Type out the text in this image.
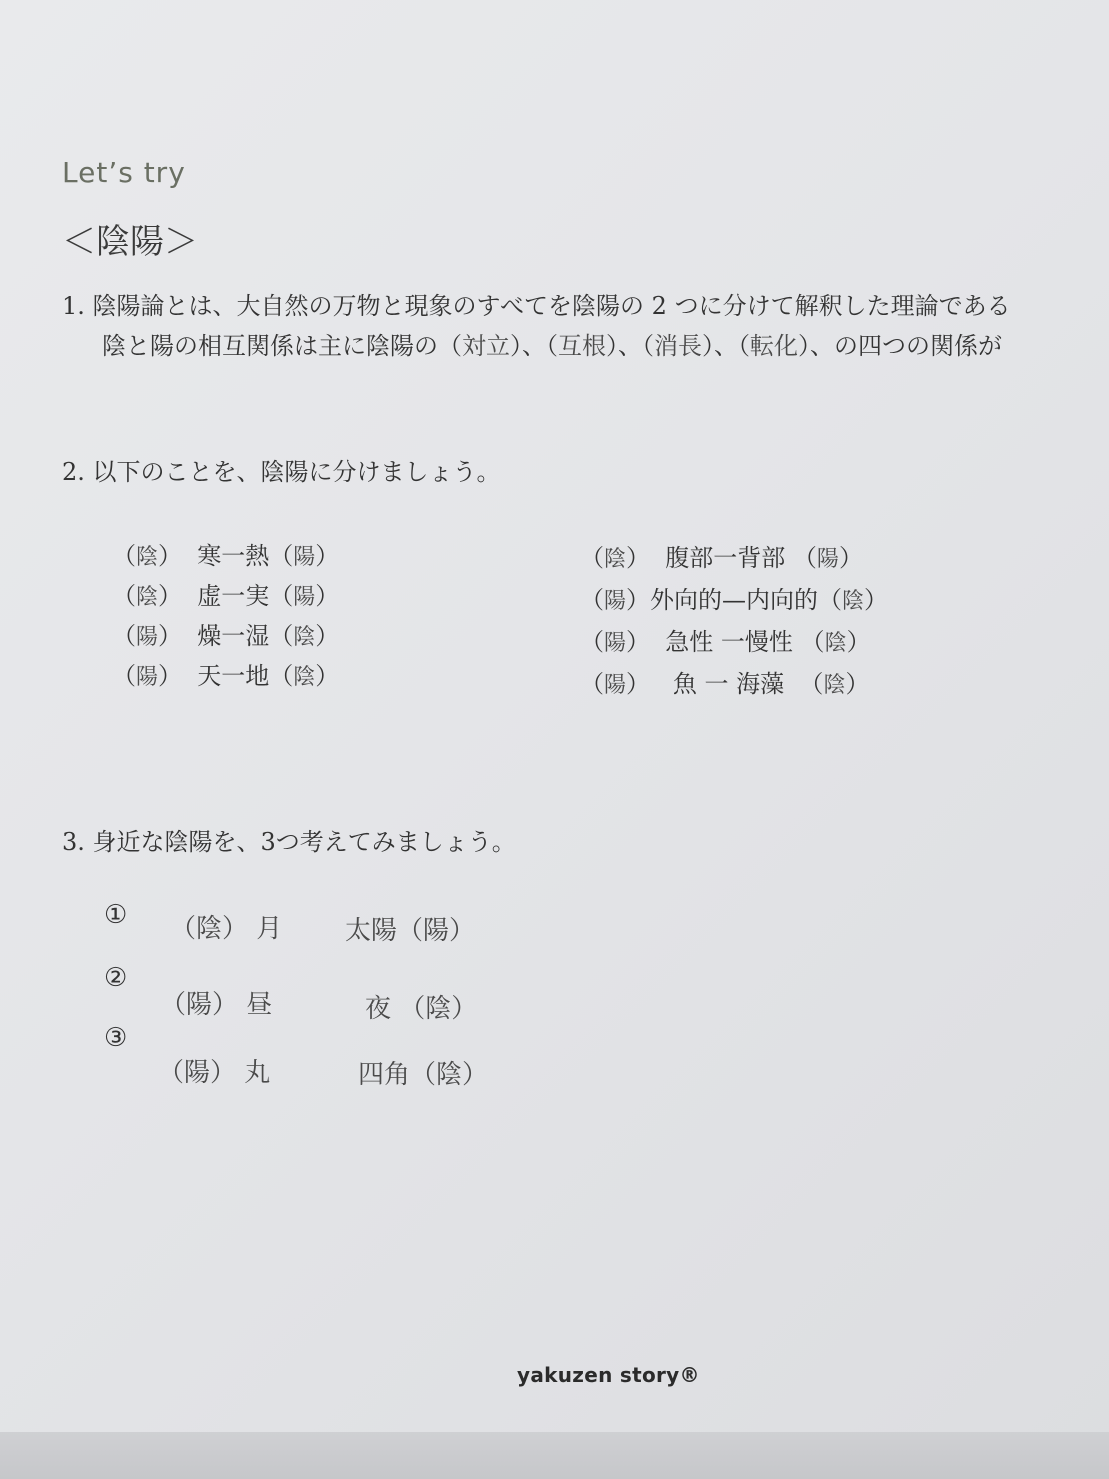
Let’s try
＜陰陽＞
1. 陰陽論とは、大自然の万物と現象のすべてを陰陽の 2 つに分けて解釈した理論である
陰と陽の相互関係は主に陰陽の（対立）、（互根）、（消長）、（転化）、の四つの関係が
2. 以下のことを、陰陽に分けましょう。
（陰）  寒一熱（陽）
（陰）  虚一実（陽）
（陽）  燥一湿（陰）
（陽）  天一地（陰）
（陰）  腹部一背部 （陽）
（陽）外向的—内向的（陰）
（陽）  急性 一慢性 （陰）
（陽）   魚 一 海藻  （陰）
3. 身近な陰陽を、3つ考えてみましょう。
①
②
③
（陰） 月 太陽（陽）
（陽） 昼	夜 （陰）
（陽） 丸	四角（陰）
yakuzen story®
